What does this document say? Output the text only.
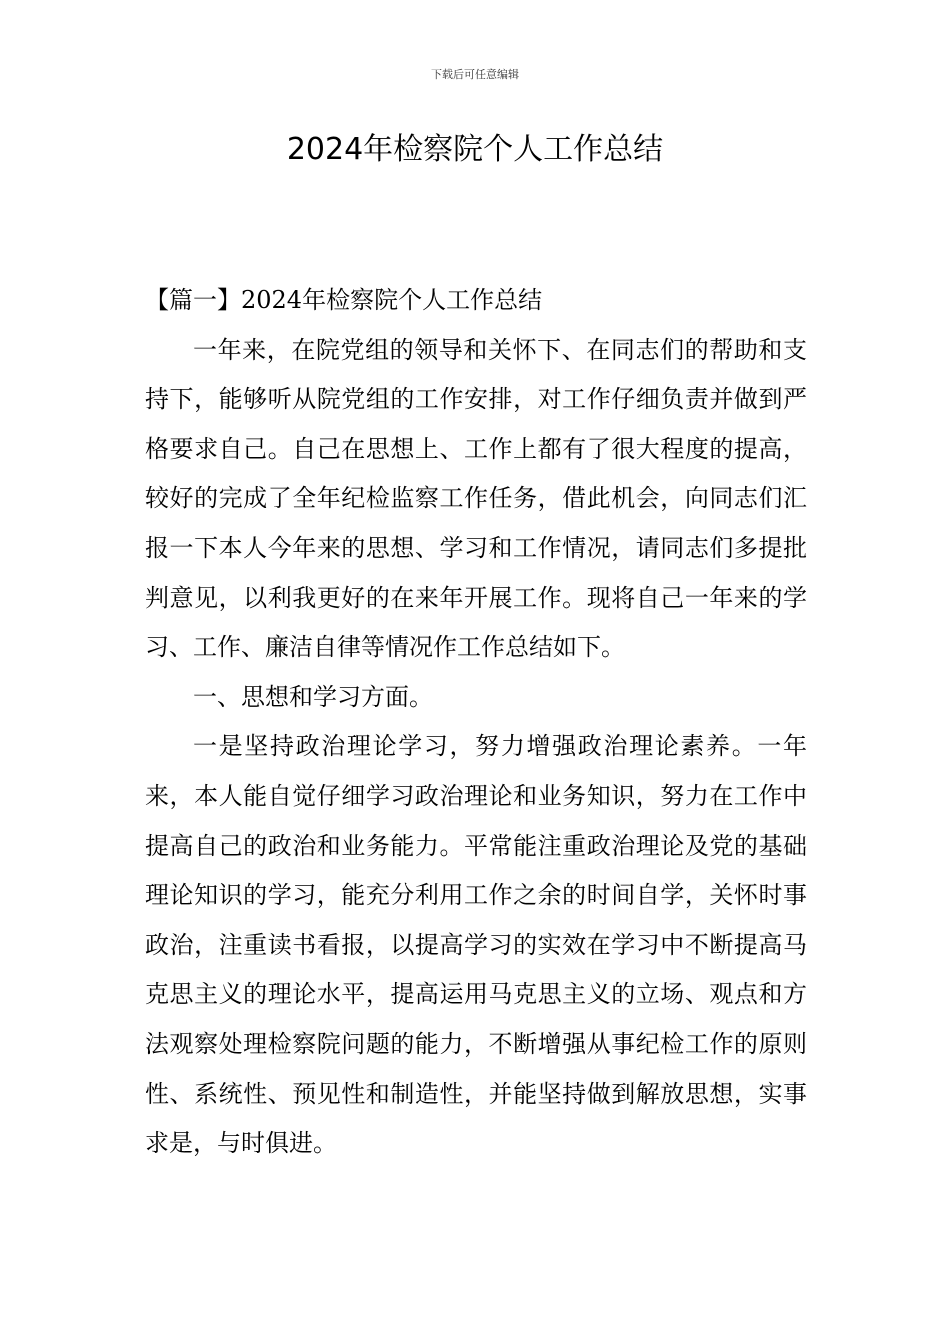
下载后可任意编辑
2024年检察院个人工作总结

【篇一】2024年检察院个人工作总结

一年来，在院党组的领导和关怀下、在同志们的帮助和支持下，能够听从院党组的工作安排，对工作仔细负责并做到严格要求自己。自己在思想上、工作上都有了很大程度的提高，较好的完成了全年纪检监察工作任务，借此机会，向同志们汇报一下本人今年来的思想、学习和工作情况，请同志们多提批判意见，以利我更好的在来年开展工作。现将自己一年来的学习、工作、廉洁自律等情况作工作总结如下。

一、思想和学习方面。

一是坚持政治理论学习，努力增强政治理论素养。一年来，本人能自觉仔细学习政治理论和业务知识，努力在工作中提高自己的政治和业务能力。平常能注重政治理论及党的基础理论知识的学习，能充分利用工作之余的时间自学，关怀时事政治，注重读书看报，以提高学习的实效在学习中不断提高马克思主义的理论水平，提高运用马克思主义的立场、观点和方法观察处理检察院问题的能力，不断增强从事纪检工作的原则性、系统性、预见性和制造性，并能坚持做到解放思想，实事求是，与时俱进。
